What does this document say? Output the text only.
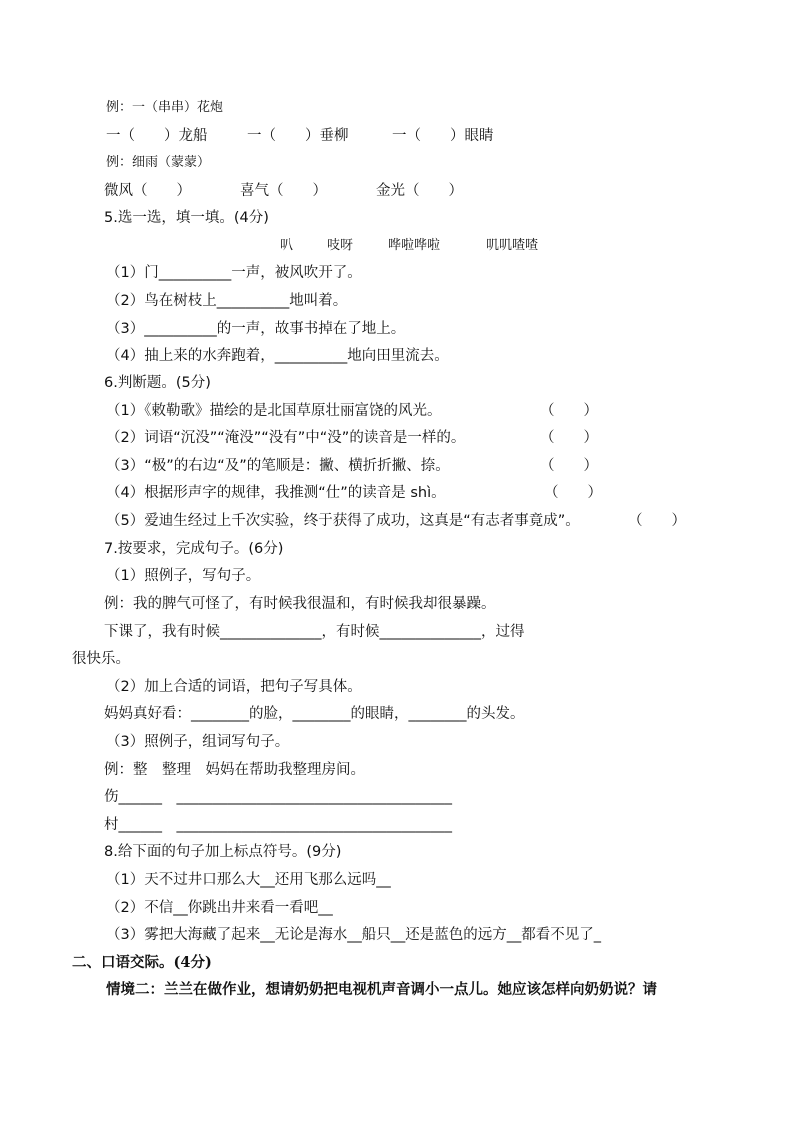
例：一（串串）花炮
一（　　）龙船	一（　　）垂柳	一（　　）眼睛
例：细雨（蒙蒙）
微风（　　）	喜气（　　）	金光（　　）
5.选一选，填一填。(4分)
叭	吱呀	哗啦哗啦	叽叽喳喳
（1）门__________一声，被风吹开了。
（2）鸟在树枝上__________地叫着。
（3）__________的一声，故事书掉在了地上。
（4）抽上来的水奔跑着，__________地向田里流去。
6.判断题。(5分)
（1）《敕勒歌》描绘的是北国草原壮丽富饶的风光。	（　　）
（2）词语“沉没”“淹没”“没有”中“没”的读音是一样的。	（　　）
（3）“极”的右边“及”的笔顺是：撇、横折折撇、捺。	（　　）
（4）根据形声字的规律，我推测“仕”的读音是 shì。	（　　）
（5）爱迪生经过上千次实验，终于获得了成功，这真是“有志者事竟成”。	（　　）
7.按要求，完成句子。(6分)
（1）照例子，写句子。
例：我的脾气可怪了，有时候我很温和，有时候我却很暴躁。
下课了，我有时候______________，有时候______________，过得
很快乐。
（2）加上合适的词语，把句子写具体。
妈妈真好看：________的脸，________的眼睛，________的头发。
（3）照例子，组词写句子。
例：整　整理　妈妈在帮助我整理房间。
伤______　______________________________________
村______　______________________________________
8.给下面的句子加上标点符号。(9分)
（1）天不过井口那么大__还用飞那么远吗__
（2）不信__你跳出井来看一看吧__
（3）雾把大海藏了起来__无论是海水__船只__还是蓝色的远方__都看不见了_
二、口语交际。(4分)
情境二：兰兰在做作业，想请奶奶把电视机声音调小一点儿。她应该怎样向奶奶说？请
